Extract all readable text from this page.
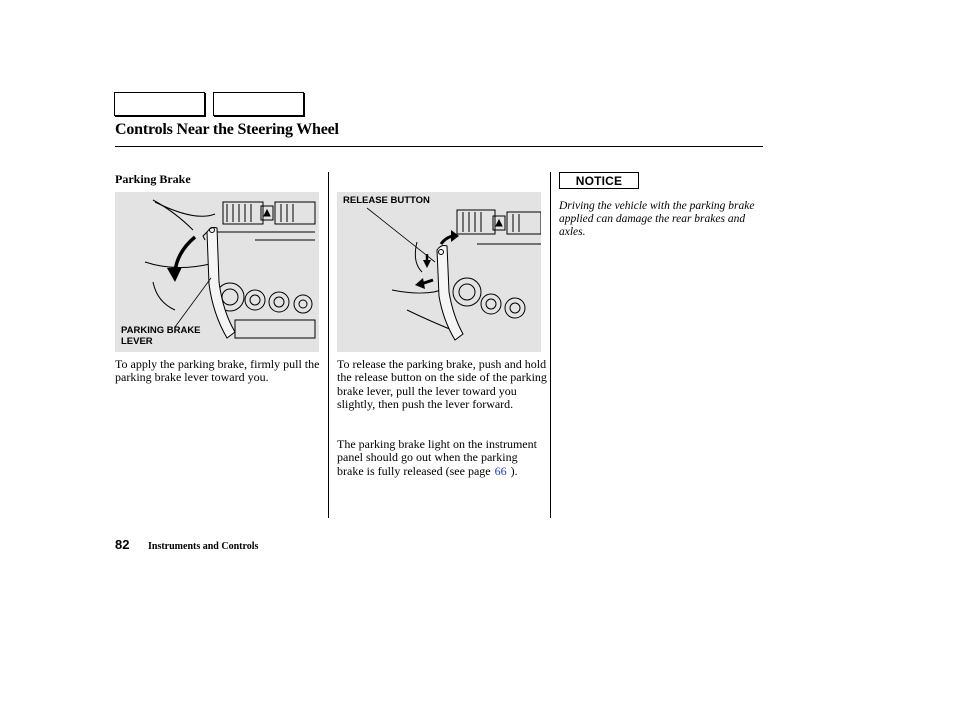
Controls Near the Steering Wheel
Parking Brake
PARKING BRAKE
LEVER
RELEASE BUTTON
To apply the parking brake, firmly pull the parking brake lever toward you.
To release the parking brake, push and hold the release button on the side of the parking brake lever, pull the lever toward you slightly, then push the lever forward.
The parking brake light on the instrument panel should go out when the parking brake is fully released (see page 66 ).
NOTICE
Driving the vehicle with the parking brake applied can damage the rear brakes and axles.
82 Instruments and Controls
